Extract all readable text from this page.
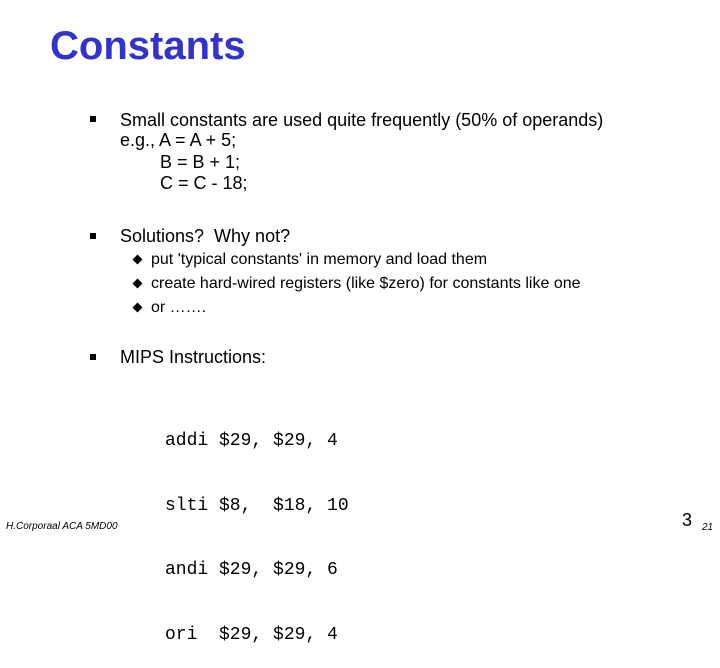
Constants
Small constants are used quite frequently (50% of operands)
e.g., A = A + 5;
B = B + 1;
C = C - 18;
Solutions?  Why not?
put 'typical constants' in memory and load them
create hard-wired registers (like $zero) for constants like one
or …….
MIPS Instructions:

addi $29, $29, 4

slti $8,  $18, 10

andi $29, $29, 6

ori  $29, $29, 4

H.Corporaal ACA 5MD00	3 21
